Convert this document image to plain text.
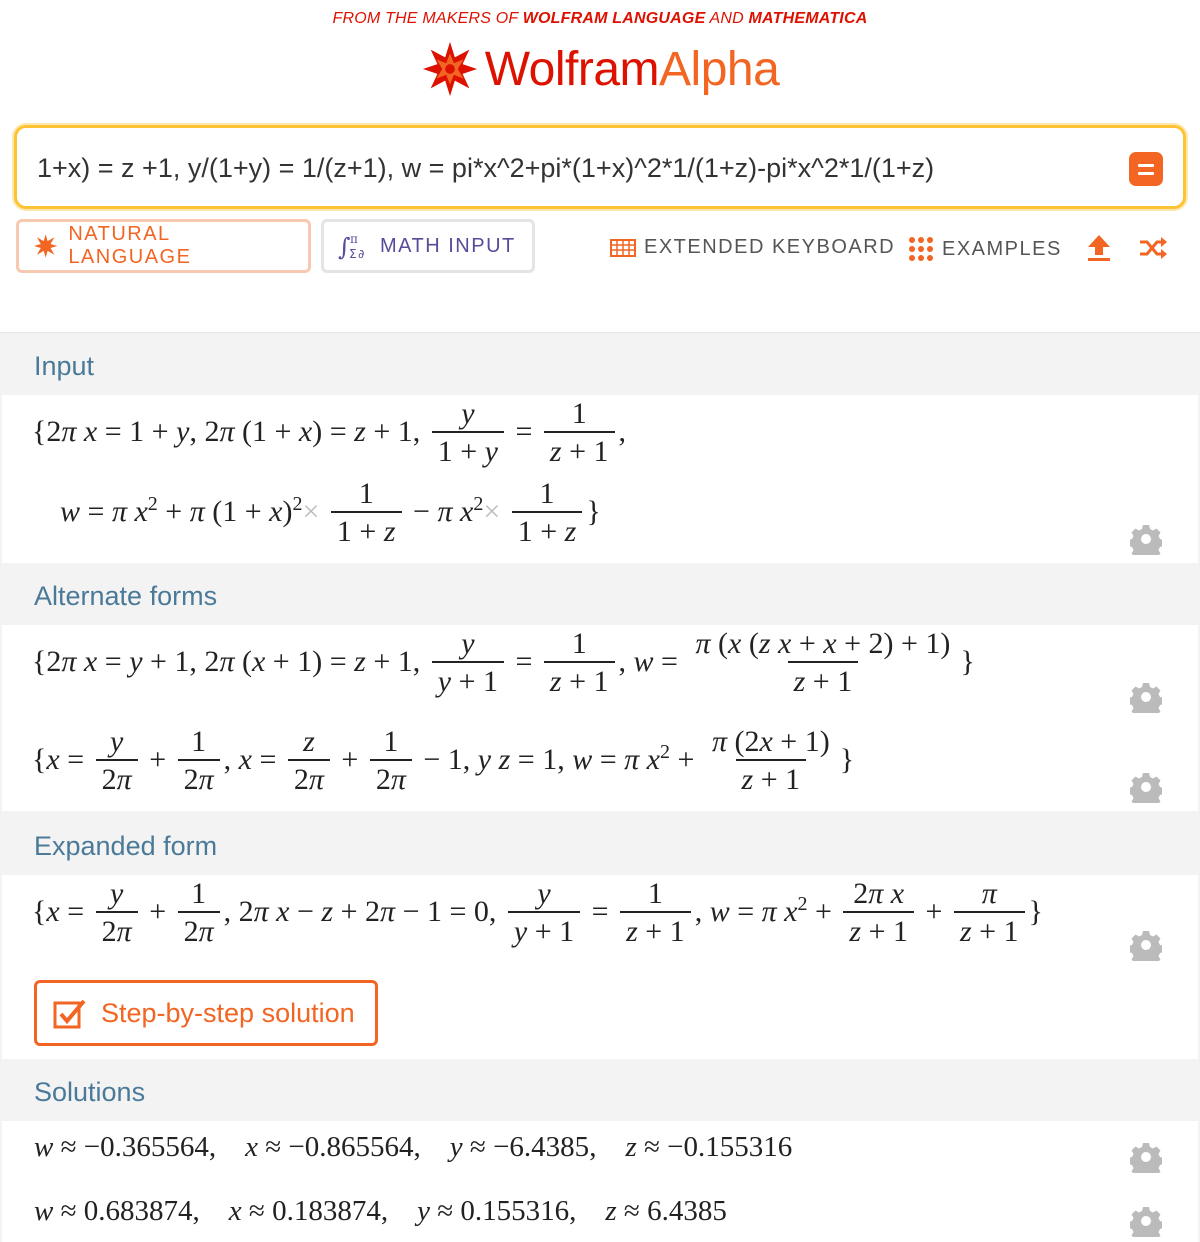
FROM THE MAKERS OF WOLFRAM LANGUAGE AND MATHEMATICA
WolframAlpha
1+x) = z +1, y/(1+y) = 1/(z+1), w = pi*x^2+pi*(1+x)^2*1/(1+z)-pi*x^2*1/(1+z)
NATURAL LANGUAGE	∫
π
Σ∂ MATH INPUT	EXTENDED KEYBOARD EXAMPLES
Input
{2π x = 1 + y, 2π (1 + x) = z + 1, $\frac{y}{1 + y} = \frac{1}{z + 1}$ ,
w = π $x^2 + \pi$ $(1 + x)^2\times \frac{1}{1 + z} - \pi$ $x^2\times \frac{1}{1 + z}$ }
Alternate forms
{2π x = y + 1, 2π (x + 1) = z + 1, $\frac{y}{y + 1} = \frac{1}{z + 1}$ , $w = \frac{\text{π (x (z x + x + 2) + 1)}}{z + 1}$ }
{$x = \frac{y}{2\pi} + \frac{1}{2\pi}$ , $x = \frac{z}{2\pi} + \frac{1}{2\pi} - 1$, y z = 1, w = π $x^2 + \frac{\pi (2x + 1)}{z + 1}$ }
Expanded form
{$x = \frac{y}{2\pi} + \frac{1}{2\pi}$ , 2π x − z + 2π − 1 = 0, $\frac{y}{y + 1} = \frac{1}{z + 1}$ , w = π $x^2 + \frac{\text{2π x}}{z + 1} + \frac{\pi}{z + 1}$ }
Step-by-step solution
Solutions
w ≈ −0.365564,    x ≈ −0.865564,    y ≈ −6.4385,    z ≈ −0.155316
w ≈ 0.683874,    x ≈ 0.183874,    y ≈ 0.155316,    z ≈ 6.4385
